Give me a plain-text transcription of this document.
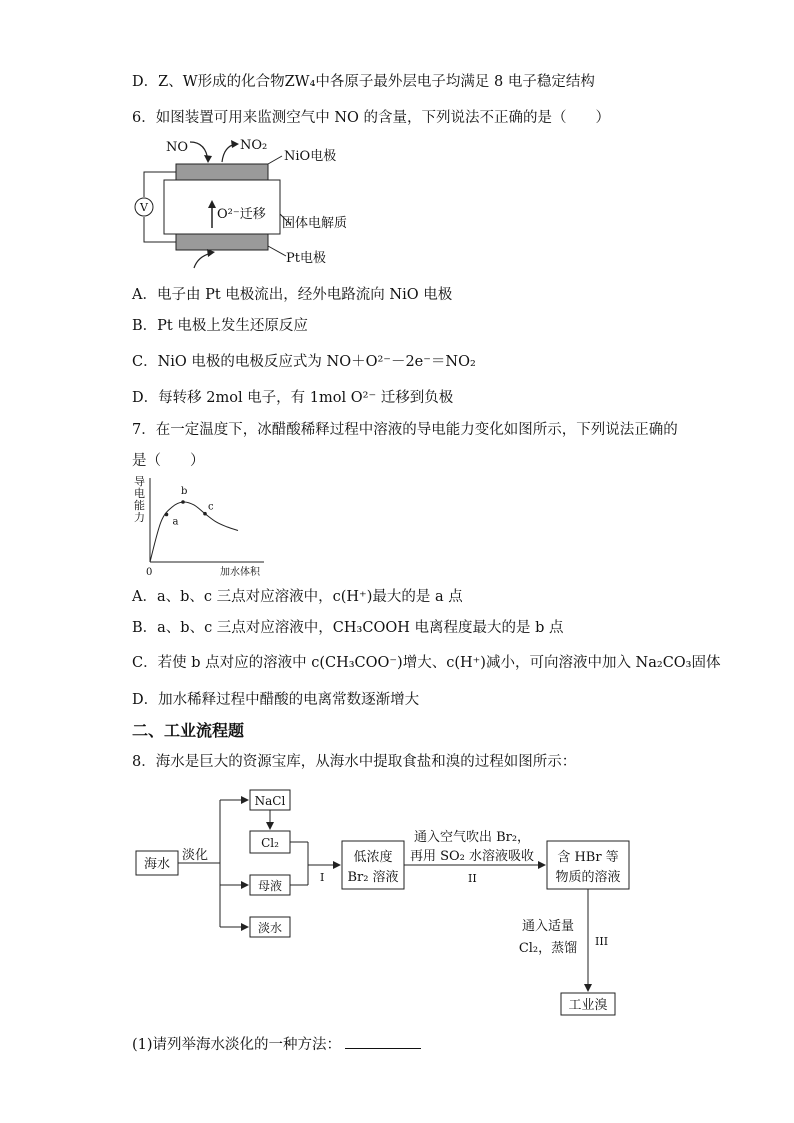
D．Z、W形成的化合物ZW₄中各原子最外层电子均满足 8 电子稳定结构
6．如图装置可用来监测空气中 NO 的含量，下列说法不正确的是（　　）
V
NO	NO₂
NiO电极
固体电解质
Pt电极
O²⁻迁移
A．电子由 Pt 电极流出，经外电路流向 NiO 电极
B．Pt 电极上发生还原反应
C．NiO 电极的电极反应式为 NO＋O²⁻－2e⁻＝NO₂
D．每转移 2mol 电子，有 1mol O²⁻ 迁移到负极
7．在一定温度下，冰醋酸稀释过程中溶液的导电能力变化如图所示，下列说法正确的
是（　　）
导
电
能
力	a
b
c
0	加水体积
A．a、b、c 三点对应溶液中，c(H⁺)最大的是 a 点
B．a、b、c 三点对应溶液中，CH₃COOH 电离程度最大的是 b 点
C．若使 b 点对应的溶液中 c(CH₃COO⁻)增大、c(H⁺)减小，可向溶液中加入 Na₂CO₃固体
D．加水稀释过程中醋酸的电离常数逐渐增大
二、工业流程题
8．海水是巨大的资源宝库，从海水中提取食盐和溴的过程如图所示：
海水
淡化
NaCl
Cl₂
母液
淡水
I
低浓度
Br₂ 溶液
通入空气吹出 Br₂，
再用 SO₂ 水溶液吸收
II
含 HBr 等
物质的溶液
通入适量
Cl₂，蒸馏 III
工业溴
(1)请列举海水淡化的一种方法：
